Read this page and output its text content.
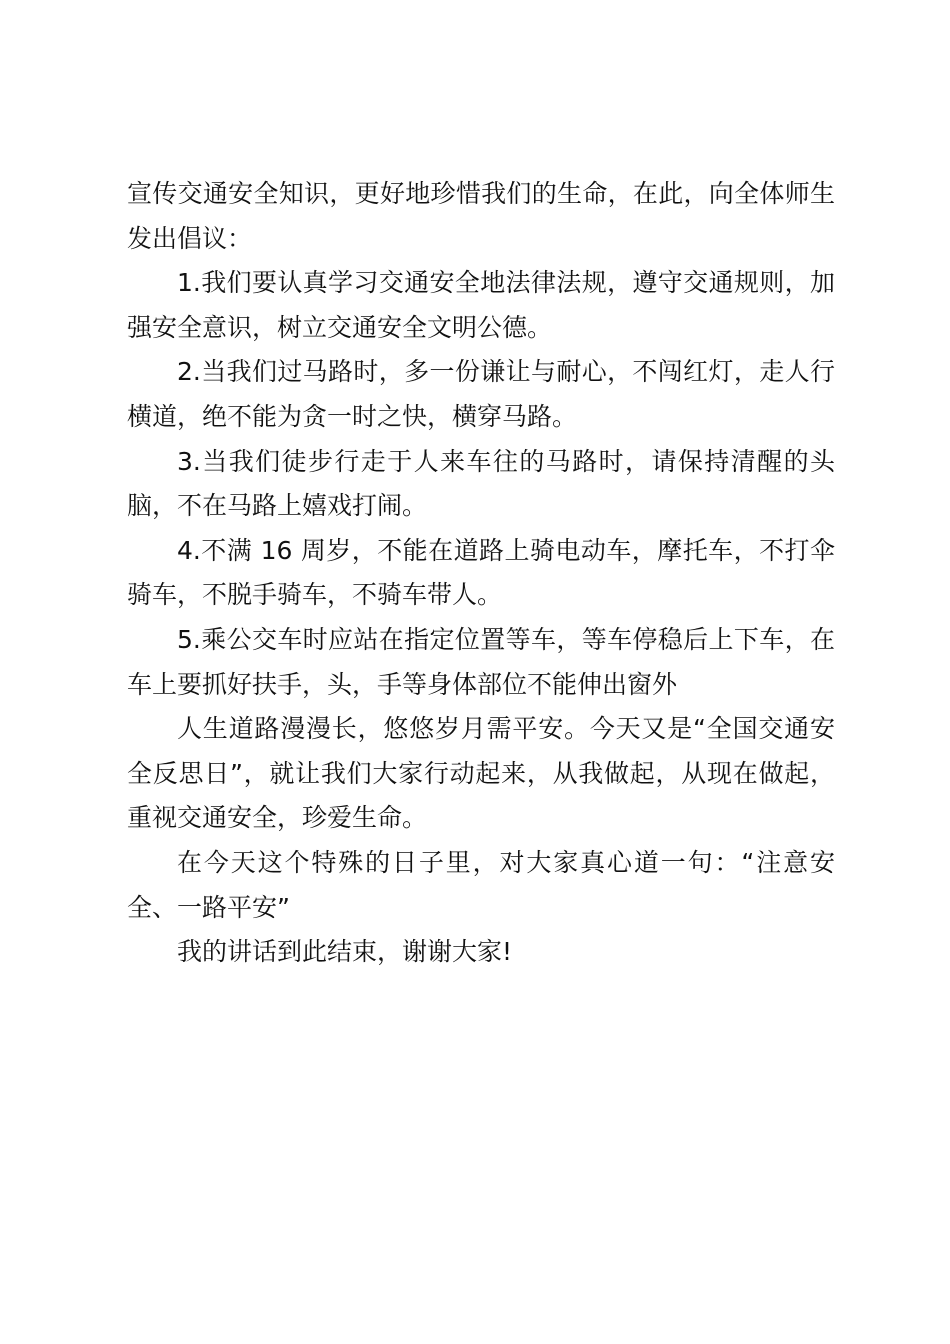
宣传交通安全知识，更好地珍惜我们的生命，在此，向全体师生发出倡议：

1.我们要认真学习交通安全地法律法规，遵守交通规则，加强安全意识，树立交通安全文明公德。

2.当我们过马路时，多一份谦让与耐心，不闯红灯，走人行横道，绝不能为贪一时之快，横穿马路。

3.当我们徒步行走于人来车往的马路时，请保持清醒的头脑，不在马路上嬉戏打闹。

4.不满 16 周岁，不能在道路上骑电动车，摩托车，不打伞骑车，不脱手骑车，不骑车带人。

5.乘公交车时应站在指定位置等车，等车停稳后上下车，在车上要抓好扶手，头，手等身体部位不能伸出窗外

人生道路漫漫长，悠悠岁月需平安。今天又是“全国交通安全反思日”，就让我们大家行动起来，从我做起，从现在做起，重视交通安全，珍爱生命。

在今天这个特殊的日子里，对大家真心道一句：“注意安全、一路平安”

我的讲话到此结束，谢谢大家!
